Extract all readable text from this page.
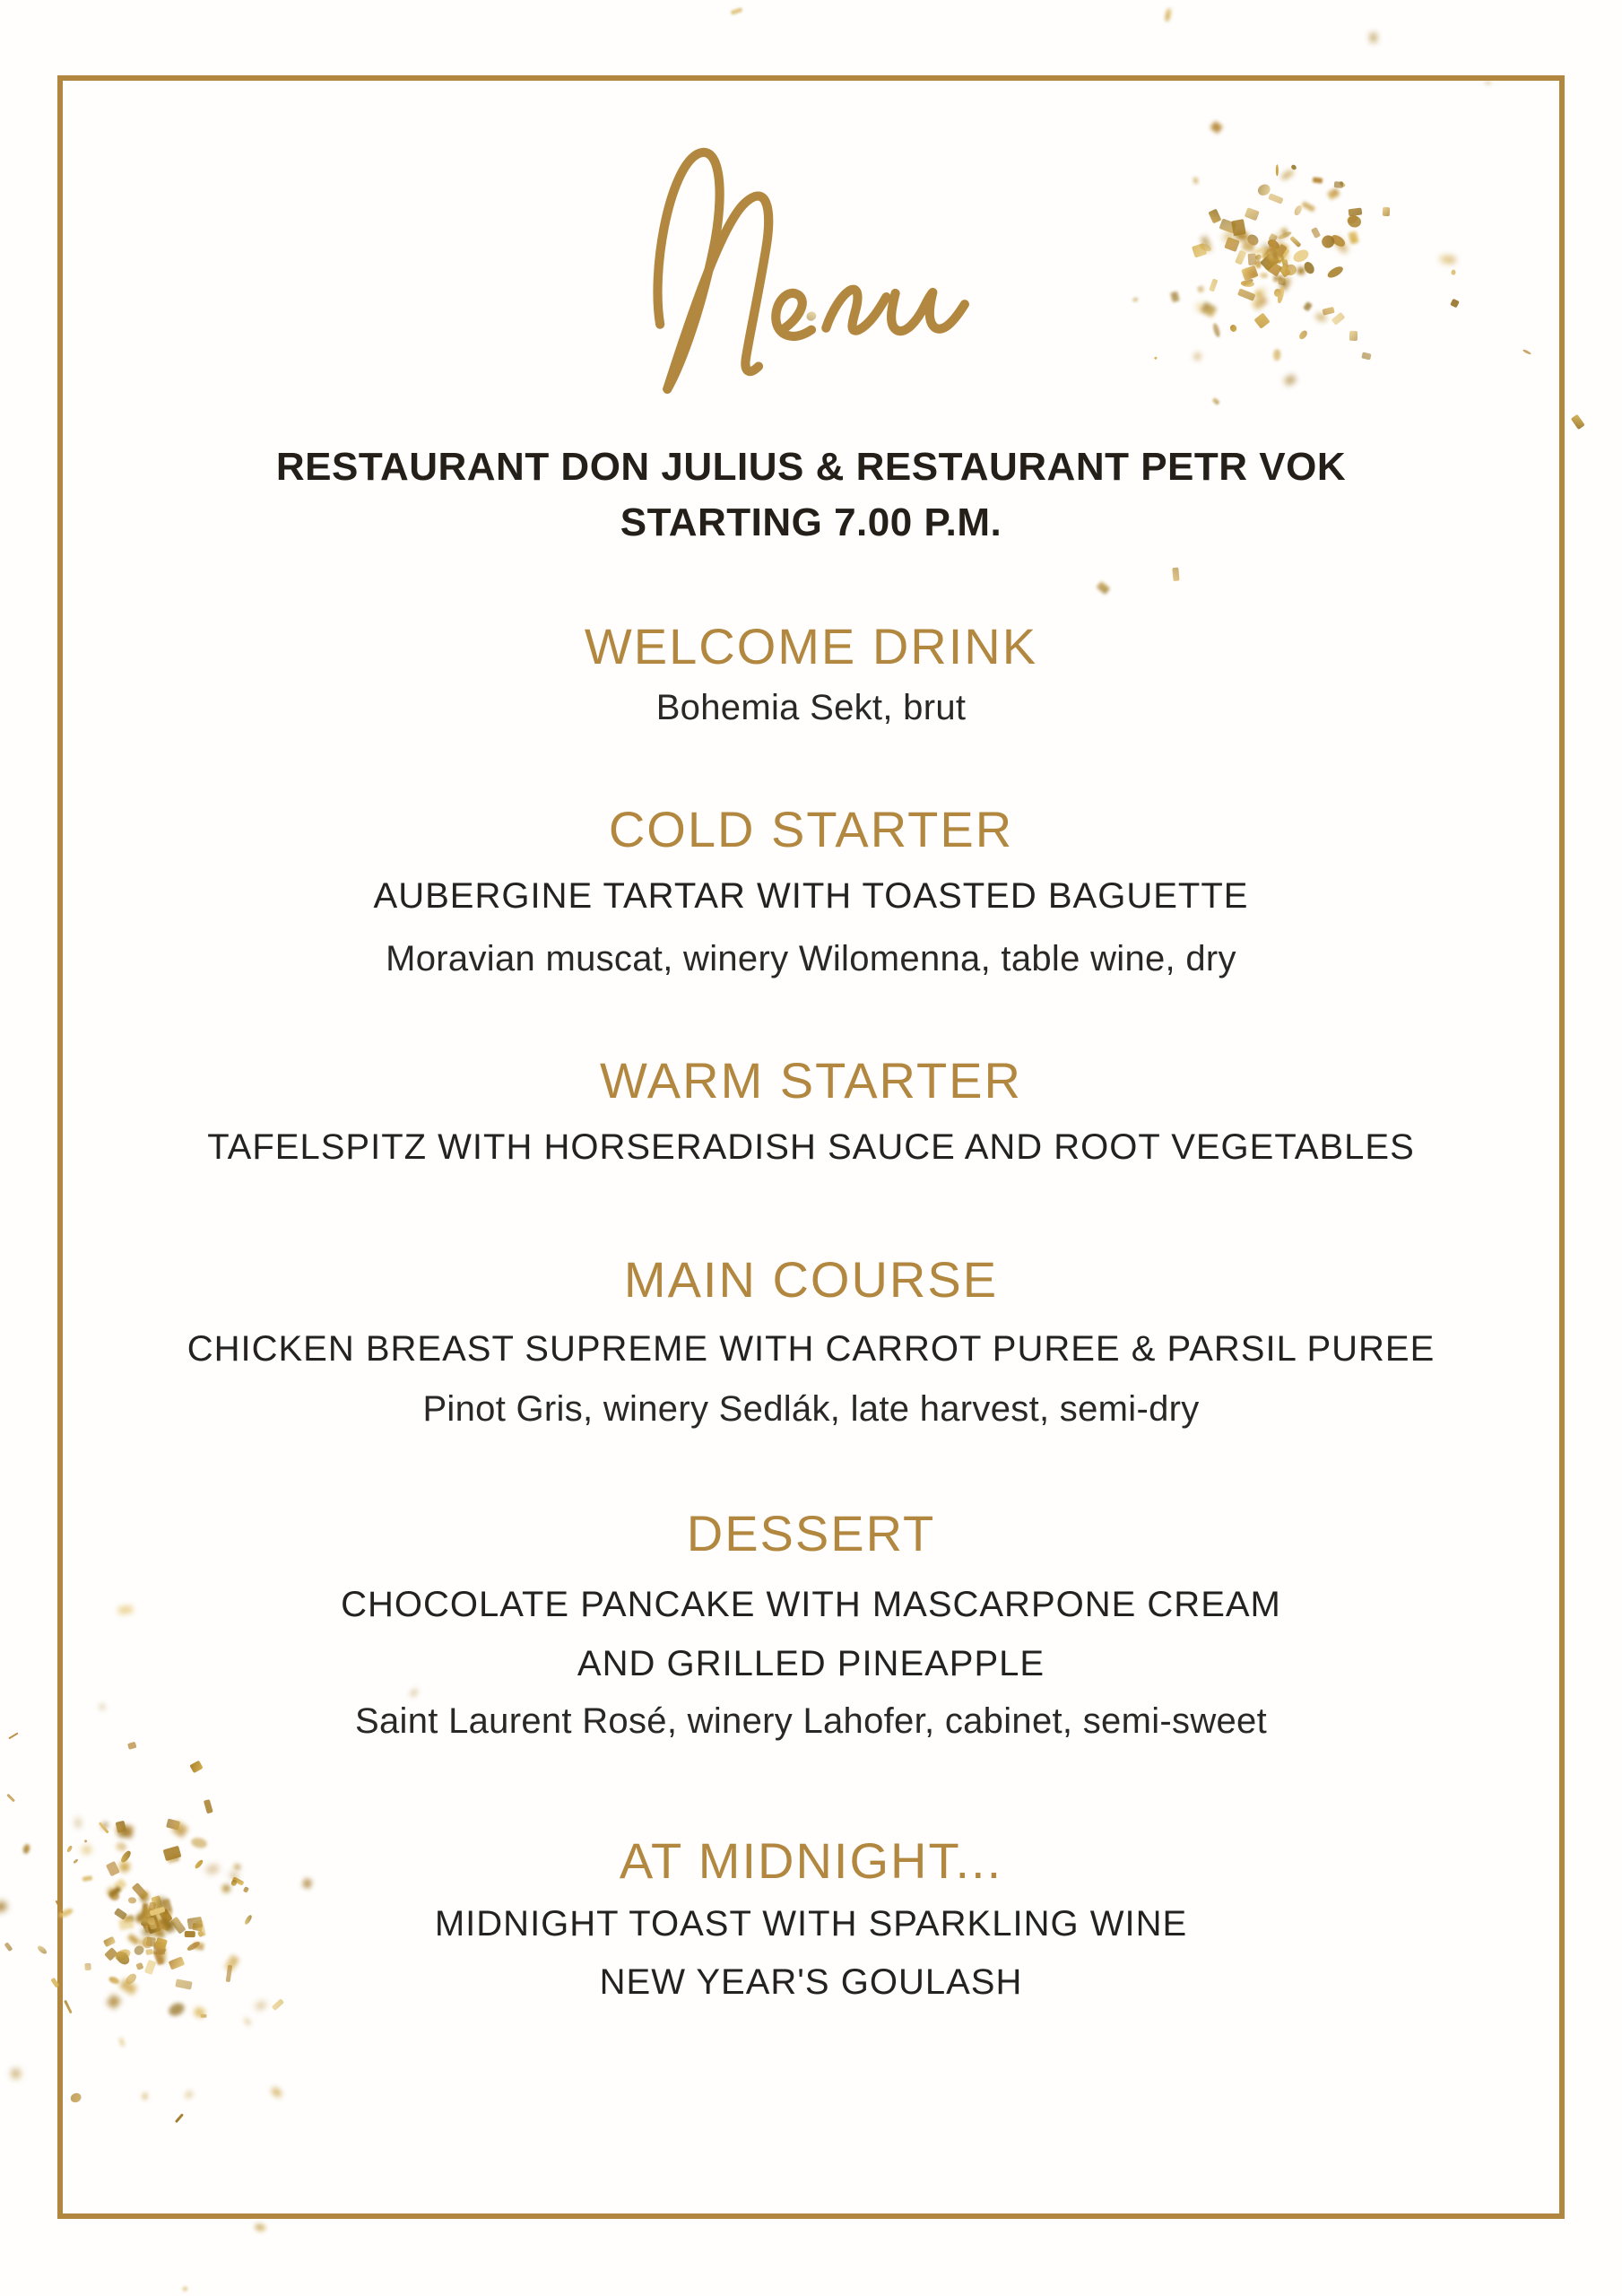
RESTAURANT DON JULIUS & RESTAURANT PETR VOK
STARTING 7.00 P.M.
WELCOME DRINK
Bohemia Sekt, brut
COLD STARTER
AUBERGINE TARTAR WITH TOASTED BAGUETTE
Moravian muscat, winery Wilomenna, table wine, dry
WARM STARTER
TAFELSPITZ WITH HORSERADISH SAUCE AND ROOT VEGETABLES
MAIN COURSE
CHICKEN BREAST SUPREME WITH CARROT PUREE & PARSIL PUREE
Pinot Gris, winery Sedlák, late harvest, semi-dry
DESSERT
CHOCOLATE PANCAKE WITH MASCARPONE CREAM
AND GRILLED PINEAPPLE
Saint Laurent Rosé, winery Lahofer, cabinet, semi-sweet
AT MIDNIGHT...
MIDNIGHT TOAST WITH SPARKLING WINE
NEW YEAR'S GOULASH
